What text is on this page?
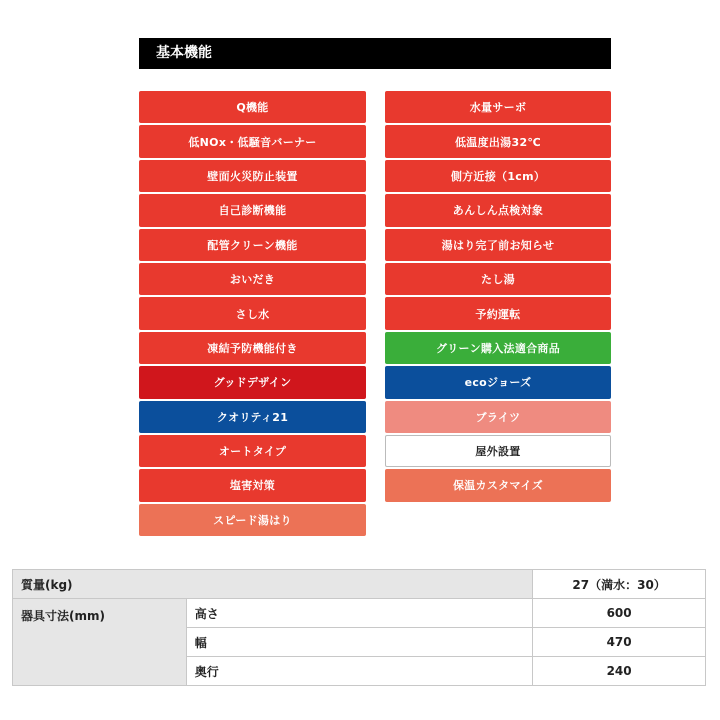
基本機能
Q機能	水量サーボ
低NOx・低騒音バーナー	低温度出湯32℃
壁面火災防止装置	側方近接（1cm）
自己診断機能	あんしん点検対象
配管クリーン機能	湯はり完了前お知らせ
おいだき	たし湯
さし水	予約運転
凍結予防機能付き	グリーン購入法適合商品
グッドデザイン	ecoジョーズ
クオリティ21	ブライツ
オートタイプ	屋外設置
塩害対策	保温カスタマイズ
スピード湯はり
質量(kg)		27（満水：30）
器具寸法(mm)	高さ	600
	幅	470
	奥行	240
